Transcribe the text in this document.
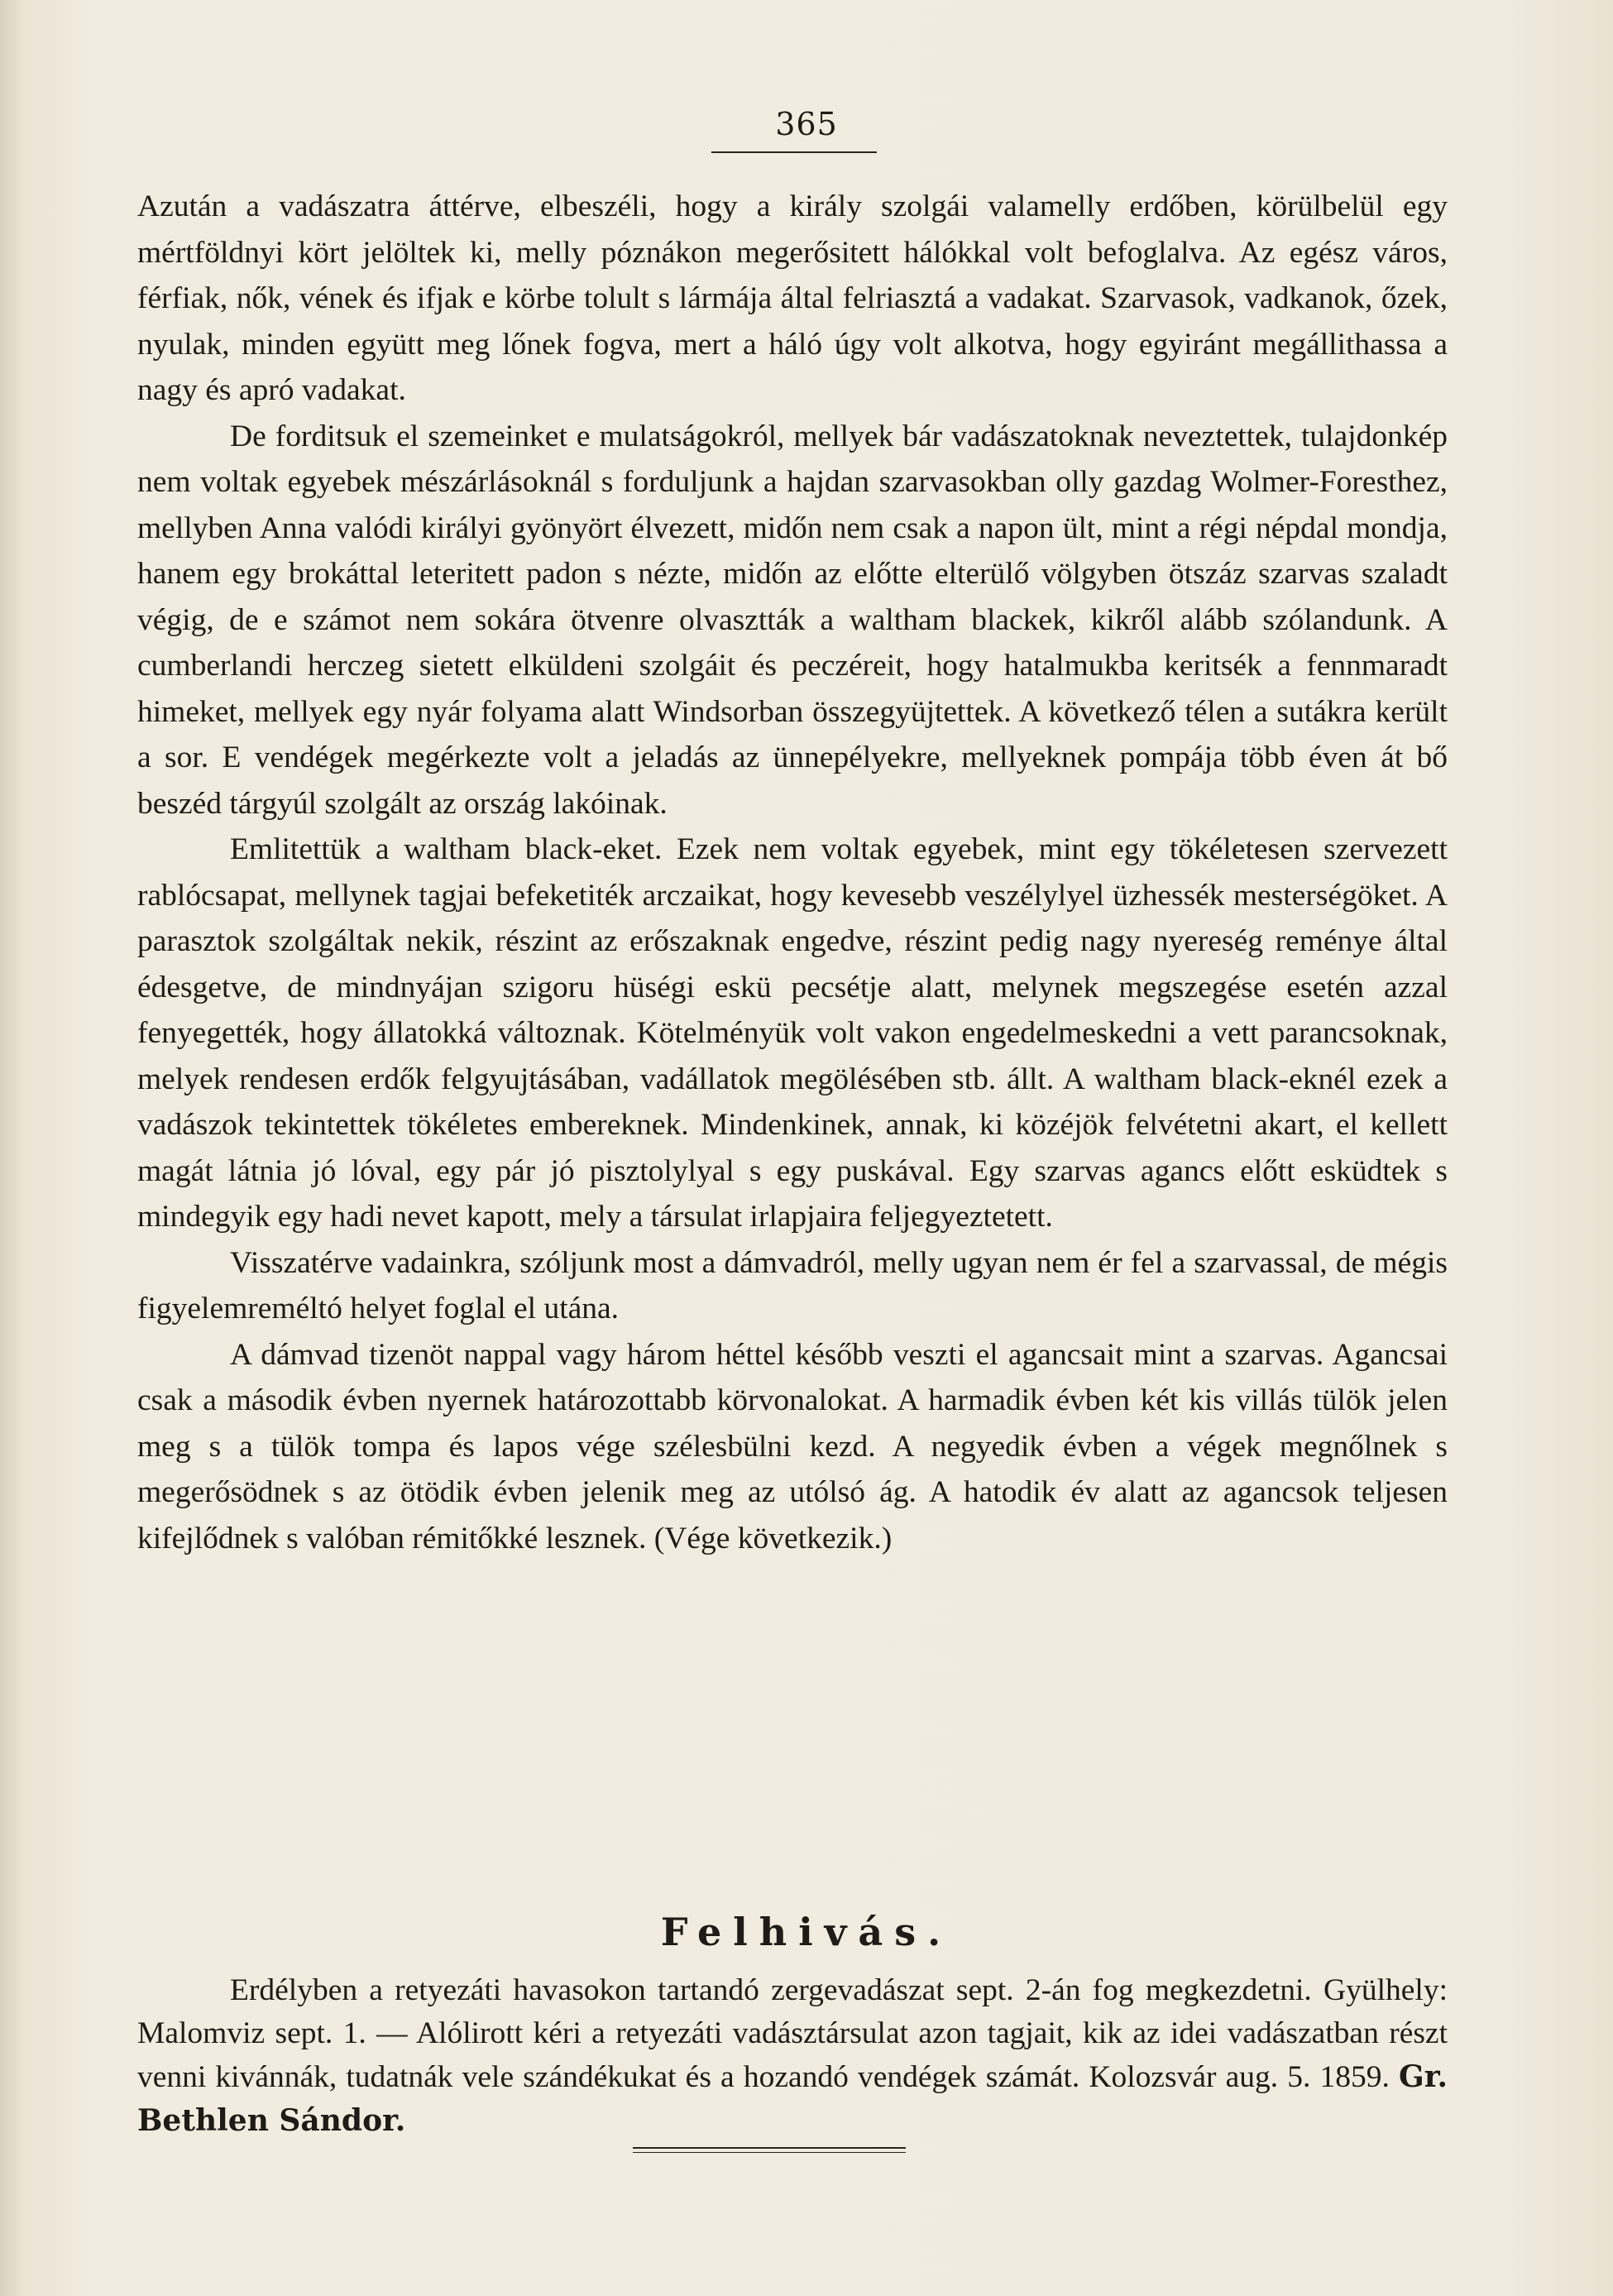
365

Azután a vadászatra áttérve, elbeszéli, hogy a király szolgái valamelly erdőben, körülbelül egy mértföldnyi kört jelöltek ki, melly póznákon megerősitett hálókkal volt befoglalva. Az egész város, férfiak, nők, vének és ifjak e körbe tolult s lármája által felriasztá a vadakat. Szarvasok, vadkanok, őzek, nyulak, minden együtt meg lőnek fogva, mert a háló úgy volt alkotva, hogy egyiránt megállithassa a nagy és apró vadakat.

De forditsuk el szemeinket e mulatságokról, mellyek bár vadászatoknak neveztettek, tulajdonkép nem voltak egyebek mészárlásoknál s forduljunk a hajdan szarvasokban olly gazdag Wolmer-Foresthez, mellyben Anna valódi királyi gyönyört élvezett, midőn nem csak a napon ült, mint a régi népdal mondja, hanem egy brokáttal leteritett padon s nézte, midőn az előtte elterülő völgyben ötszáz szarvas szaladt végig, de e számot nem sokára ötvenre olvasztták a waltham blackek, kikről alább szólandunk. A cumberlandi herczeg sietett elküldeni szolgáit és peczéreit, hogy hatalmukba keritsék a fennmaradt himeket, mellyek egy nyár folyama alatt Windsorban összegyüjtettek. A következő télen a sutákra került a sor. E vendégek megérkezte volt a jeladás az ünnepélyekre, mellyeknek pompája több éven át bő beszéd tárgyúl szolgált az ország lakóinak.

Emlitettük a waltham black-eket. Ezek nem voltak egyebek, mint egy tökéletesen szervezett rablócsapat, mellynek tagjai befeketiték arczaikat, hogy kevesebb veszélylyel üzhessék mesterségöket. A parasztok szolgáltak nekik, részint az erőszaknak engedve, részint pedig nagy nyereség reménye által édesgetve, de mindnyájan szigoru hüségi eskü pecsétje alatt, melynek megszegése esetén azzal fenyegették, hogy állatokká változnak. Kötelményük volt vakon engedelmeskedni a vett parancsoknak, melyek rendesen erdők felgyujtásában, vadállatok megölésében stb. állt. A waltham black-eknél ezek a vadászok tekintettek tökéletes embereknek. Mindenkinek, annak, ki közéjök felvétetni akart, el kellett magát látnia jó lóval, egy pár jó pisztolylyal s egy puskával. Egy szarvas agancs előtt esküdtek s mindegyik egy hadi nevet kapott, mely a társulat irlapjaira feljegyeztetett.

Visszatérve vadainkra, szóljunk most a dámvadról, melly ugyan nem ér fel a szarvassal, de mégis figyelemreméltó helyet foglal el utána.

A dámvad tizenöt nappal vagy három héttel később veszti el agancsait mint a szarvas. Agancsai csak a második évben nyernek határozottabb körvonalokat. A harmadik évben két kis villás tülök jelen meg s a tülök tompa és lapos vége szélesbülni kezd. A negyedik évben a végek megnőlnek s megerősödnek s az ötödik évben jelenik meg az utólsó ág. A hatodik év alatt az agancsok teljesen kifejlődnek s valóban rémitőkké lesznek. (Vége következik.)

Felhivás.

Erdélyben a retyezáti havasokon tartandó zergevadászat sept. 2-án fog megkezdetni. Gyülhely: Malomviz sept. 1. — Alólirott kéri a retyezáti vadásztársulat azon tagjait, kik az idei vadászatban részt venni kivánnák, tudatnák vele szándékukat és a hozandó vendégek számát. Kolozsvár aug. 5. 1859. Gr. Bethlen Sándor.
